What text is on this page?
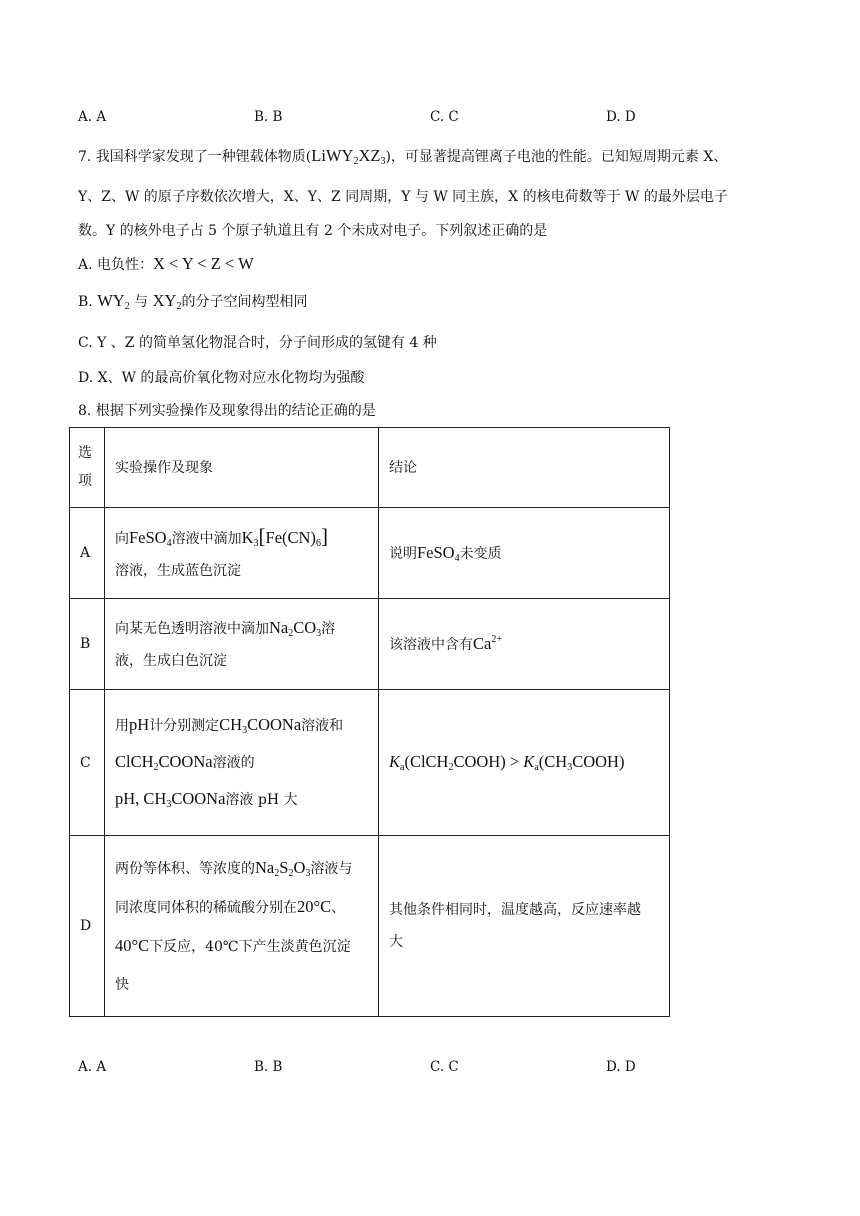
A. A	B. B	C. C	D. D
7. 我国科学家发现了一种锂载体物质$(LiWY_2XZ_3)$，可显著提高锂离子电池的性能。已知短周期元素 X、
Y、Z、W 的原子序数依次增大，X、Y、Z 同周期，Y 与 W 同主族，X 的核电荷数等于 W 的最外层电子
数。Y 的核外电子占 5 个原子轨道且有 2 个未成对电子。下列叙述正确的是
A. 电负性：X < Y < Z < W
B. $WY_2$ 与 $XY_2$的分子空间构型相同
C. Y 、Z 的简单氢化物混合时，分子间形成的氢键有 4 种
D. X、W 的最高价氧化物对应水化物均为强酸
8. 根据下列实验操作及现象得出的结论正确的是
选
项	实验操作及现象	结论
A	向FeSO$_4$溶液中滴加$K_3[Fe(CN)_6]$
溶液，生成蓝色沉淀	说明FeSO$_4$未变质
B	向某无色透明溶液中滴加$Na_2CO_3$溶
液，生成白色沉淀	该溶液中含有$Ca^{2+}$
C	用pH计分别测定$CH_3COONa$溶液和
ClCH$_2$COONa溶液的
pH, $CH_3COONa$溶液 pH 大	$K_a(ClCH_2COOH)$ > $K_a(CH_3COOH)$
D	两份等体积、等浓度的$Na_2S_2O_3$溶液与
同浓度同体积的稀硫酸分别在20°C、
40°C下反应，40℃下产生淡黄色沉淀
快	其他条件相同时，温度越高，反应速率越
大
A. A	B. B	C. C	D. D
